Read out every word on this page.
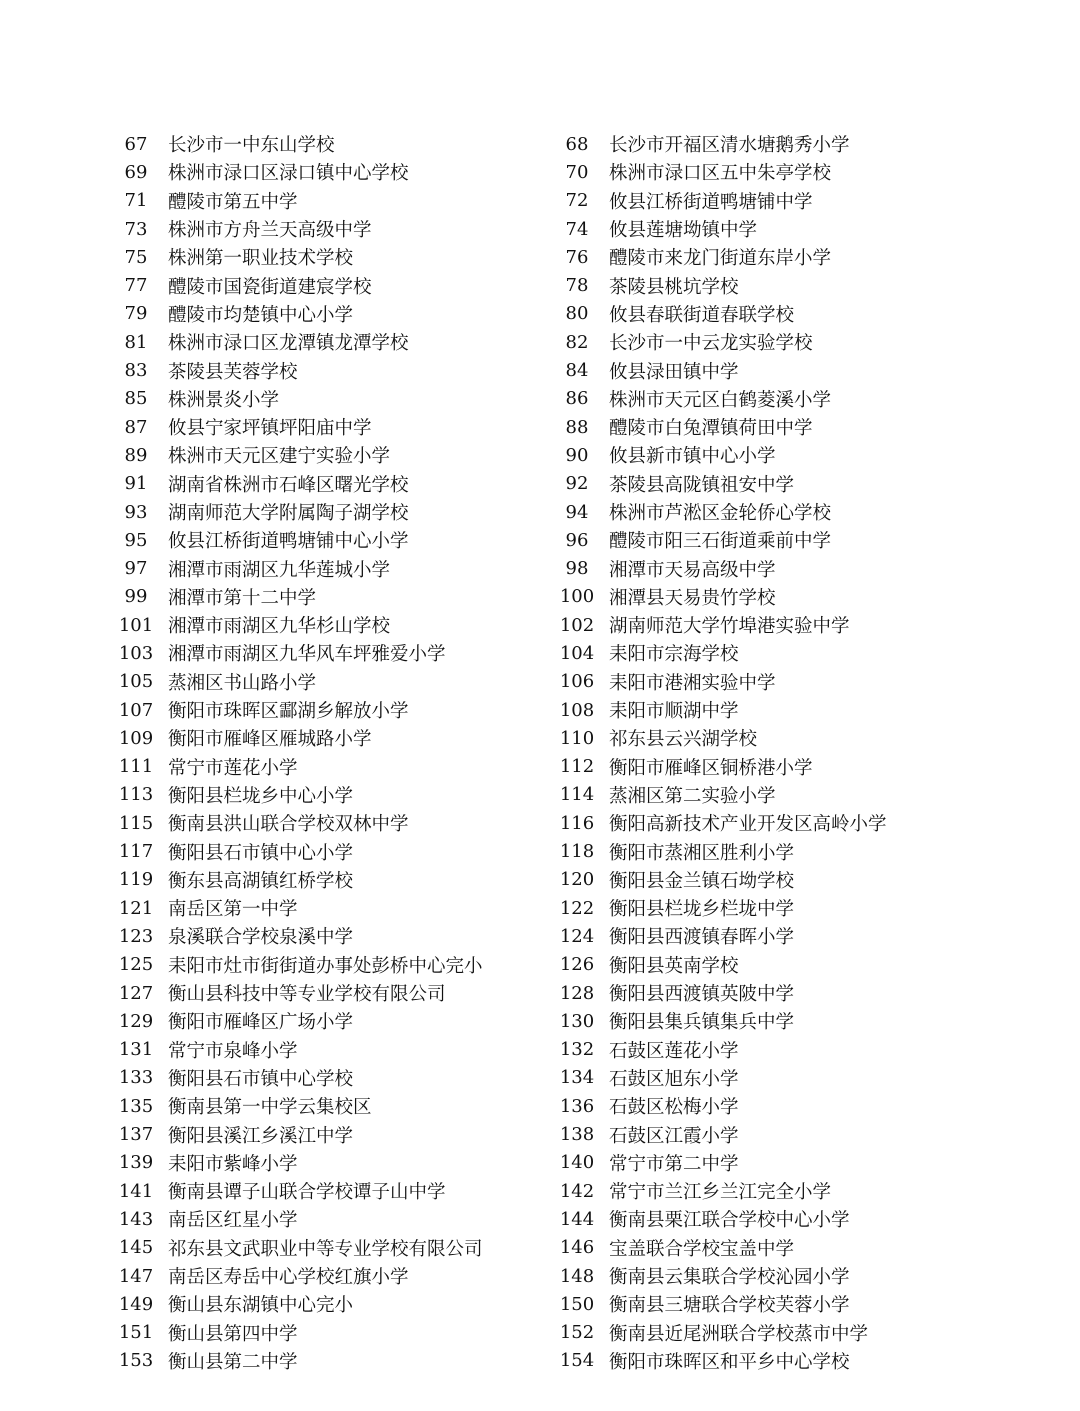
67	长沙市一中东山学校	68	长沙市开福区清水塘鹅秀小学
69	株洲市渌口区渌口镇中心学校	70	株洲市渌口区五中朱亭学校
71	醴陵市第五中学	72	攸县江桥街道鸭塘铺中学
73	株洲市方舟兰天高级中学	74	攸县莲塘坳镇中学
75	株洲第一职业技术学校	76	醴陵市来龙门街道东岸小学
77	醴陵市国瓷街道建宸学校	78	茶陵县桃坑学校
79	醴陵市均楚镇中心小学	80	攸县春联街道春联学校
81	株洲市渌口区龙潭镇龙潭学校	82	长沙市一中云龙实验学校
83	茶陵县芙蓉学校	84	攸县渌田镇中学
85	株洲景炎小学	86	株洲市天元区白鹤菱溪小学
87	攸县宁家坪镇坪阳庙中学	88	醴陵市白兔潭镇荷田中学
89	株洲市天元区建宁实验小学	90	攸县新市镇中心小学
91	湖南省株洲市石峰区曙光学校	92	茶陵县高陇镇祖安中学
93	湖南师范大学附属陶子湖学校	94	株洲市芦淞区金轮侨心学校
95	攸县江桥街道鸭塘铺中心小学	96	醴陵市阳三石街道乘前中学
97	湘潭市雨湖区九华莲城小学	98	湘潭市天易高级中学
99	湘潭市第十二中学	100 湘潭县天易贵竹学校
101 湘潭市雨湖区九华杉山学校	102 湖南师范大学竹埠港实验中学
103 湘潭市雨湖区九华风车坪雅爱小学	104 耒阳市宗海学校
105 蒸湘区书山路小学	106 耒阳市港湘实验中学
107 衡阳市珠晖区酃湖乡解放小学	108 耒阳市顺湖中学
109 衡阳市雁峰区雁城路小学	110 祁东县云兴湖学校
111 常宁市莲花小学	112 衡阳市雁峰区铜桥港小学
113 衡阳县栏垅乡中心小学	114 蒸湘区第二实验小学
115 衡南县洪山联合学校双林中学	116 衡阳高新技术产业开发区高岭小学
117 衡阳县石市镇中心小学	118 衡阳市蒸湘区胜利小学
119 衡东县高湖镇红桥学校	120 衡阳县金兰镇石坳学校
121 南岳区第一中学	122 衡阳县栏垅乡栏垅中学
123 泉溪联合学校泉溪中学	124 衡阳县西渡镇春晖小学
125 耒阳市灶市街街道办事处彭桥中心完小	126 衡阳县英南学校
127 衡山县科技中等专业学校有限公司	128 衡阳县西渡镇英陂中学
129 衡阳市雁峰区广场小学	130 衡阳县集兵镇集兵中学
131 常宁市泉峰小学	132 石鼓区莲花小学
133 衡阳县石市镇中心学校	134 石鼓区旭东小学
135 衡南县第一中学云集校区	136 石鼓区松梅小学
137 衡阳县溪江乡溪江中学	138 石鼓区江霞小学
139 耒阳市紫峰小学	140 常宁市第二中学
141 衡南县谭子山联合学校谭子山中学	142 常宁市兰江乡兰江完全小学
143 南岳区红星小学	144 衡南县栗江联合学校中心小学
145 祁东县文武职业中等专业学校有限公司	146 宝盖联合学校宝盖中学
147 南岳区寿岳中心学校红旗小学	148 衡南县云集联合学校沁园小学
149 衡山县东湖镇中心完小	150 衡南县三塘联合学校芙蓉小学
151 衡山县第四中学	152 衡南县近尾洲联合学校蒸市中学
153 衡山县第二中学	154 衡阳市珠晖区和平乡中心学校
